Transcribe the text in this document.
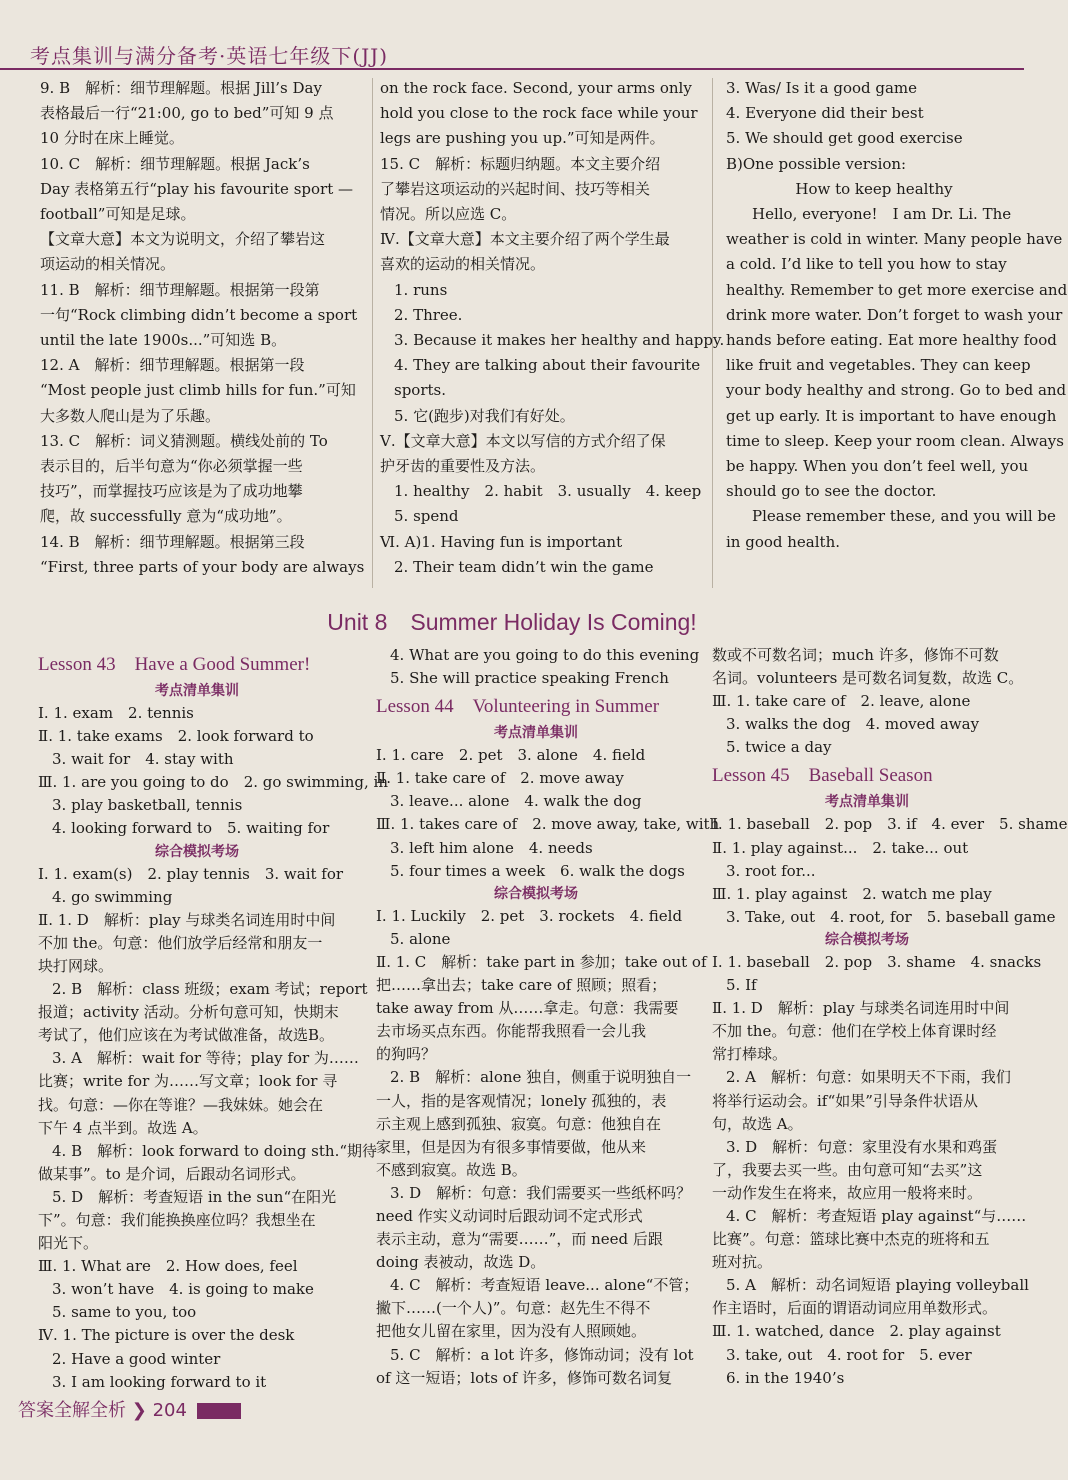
考点集训与满分备考·英语七年级下(JJ)
9. B　解析：细节理解题。根据 Jill’s Day
表格最后一行“21:00, go to bed”可知 9 点
10 分时在床上睡觉。
10. C　解析：细节理解题。根据 Jack’s
Day 表格第五行“play his favourite sport —
football”可知是足球。
【文章大意】本文为说明文，介绍了攀岩这
项运动的相关情况。
11. B　解析：细节理解题。根据第一段第
一句“Rock climbing didn’t become a sport
until the late 1900s...”可知选 B。
12. A　解析：细节理解题。根据第一段
“Most people just climb hills for fun.”可知
大多数人爬山是为了乐趣。
13. C　解析：词义猜测题。横线处前的 To
表示目的，后半句意为“你必须掌握一些
技巧”，而掌握技巧应该是为了成功地攀
爬，故 successfully 意为“成功地”。
14. B　解析：细节理解题。根据第三段
“First, three parts of your body are always
on the rock face. Second, your arms only
hold you close to the rock face while your
legs are pushing you up.”可知是两件。
15. C　解析：标题归纳题。本文主要介绍
了攀岩这项运动的兴起时间、技巧等相关
情况。所以应选 C。
Ⅳ.【文章大意】本文主要介绍了两个学生最
喜欢的运动的相关情况。
1. runs
2. Three.
3. Because it makes her healthy and happy.
4. They are talking about their favourite
sports.
5. 它(跑步)对我们有好处。
Ⅴ.【文章大意】本文以写信的方式介绍了保
护牙齿的重要性及方法。
1. healthy　2. habit　3. usually　4. keep
5. spend
Ⅵ. A)1. Having fun is important
2. Their team didn’t win the game
3. Was/ Is it a good game
4. Everyone did their best
5. We should get good exercise
B)One possible version:
How to keep healthy
Hello, everyone!　I am Dr. Li. The
weather is cold in winter. Many people have
a cold. I’d like to tell you how to stay
healthy. Remember to get more exercise and
drink more water. Don’t forget to wash your
hands before eating. Eat more healthy food
like fruit and vegetables. They can keep
your body healthy and strong. Go to bed and
get up early. It is important to have enough
time to sleep. Keep your room clean. Always
be happy. When you don’t feel well, you
should go to see the doctor.
Please remember these, and you will be
in good health.
Unit 8　Summer Holiday Is Coming!
Lesson 43　Have a Good Summer!
考点清单集训
Ⅰ. 1. exam　2. tennis
Ⅱ. 1. take exams　2. look forward to
3. wait for　4. stay with
Ⅲ. 1. are you going to do　2. go swimming, in
3. play basketball, tennis
4. looking forward to　5. waiting for
综合模拟考场
Ⅰ. 1. exam(s)　2. play tennis　3. wait for
4. go swimming
Ⅱ. 1. D　解析：play 与球类名词连用时中间
不加 the。句意：他们放学后经常和朋友一
块打网球。
2. B　解析：class 班级；exam 考试；report
报道；activity 活动。分析句意可知，快期末
考试了，他们应该在为考试做准备，故选B。
3. A　解析：wait for 等待；play for 为……
比赛；write for 为……写文章；look for 寻
找。句意：—你在等谁？—我妹妹。她会在
下午 4 点半到。故选 A。
4. B　解析：look forward to doing sth.“期待
做某事”。to 是介词，后跟动名词形式。
5. D　解析：考查短语 in the sun“在阳光
下”。句意：我们能换换座位吗？我想坐在
阳光下。
Ⅲ. 1. What are　2. How does, feel
3. won’t have　4. is going to make
5. same to you, too
Ⅳ. 1. The picture is over the desk
2. Have a good winter
3. I am looking forward to it
4. What are you going to do this evening
5. She will practice speaking French
Lesson 44　Volunteering in Summer
考点清单集训
Ⅰ. 1. care　2. pet　3. alone　4. field
Ⅱ. 1. take care of　2. move away
3. leave... alone　4. walk the dog
Ⅲ. 1. takes care of　2. move away, take, with
3. left him alone　4. needs
5. four times a week　6. walk the dogs
综合模拟考场
Ⅰ. 1. Luckily　2. pet　3. rockets　4. field
5. alone
Ⅱ. 1. C　解析：take part in 参加；take out of
把……拿出去；take care of 照顾；照看；
take away from 从……拿走。句意：我需要
去市场买点东西。你能帮我照看一会儿我
的狗吗？
2. B　解析：alone 独自，侧重于说明独自一
一人，指的是客观情况；lonely 孤独的，表
示主观上感到孤独、寂寞。句意：他独自在
家里，但是因为有很多事情要做，他从来
不感到寂寞。故选 B。
3. D　解析：句意：我们需要买一些纸杯吗？
need 作实义动词时后跟动词不定式形式
表示主动，意为“需要……”，而 need 后跟
doing 表被动，故选 D。
4. C　解析：考查短语 leave... alone“不管；
撇下……(一个人)”。句意：赵先生不得不
把他女儿留在家里，因为没有人照顾她。
5. C　解析：a lot 许多，修饰动词；没有 lot
of 这一短语；lots of 许多，修饰可数名词复
数或不可数名词；much 许多，修饰不可数
名词。volunteers 是可数名词复数，故选 C。
Ⅲ. 1. take care of　2. leave, alone
3. walks the dog　4. moved away
5. twice a day
Lesson 45　Baseball Season
考点清单集训
Ⅰ. 1. baseball　2. pop　3. if　4. ever　5. shame
Ⅱ. 1. play against...　2. take... out
3. root for...
Ⅲ. 1. play against　2. watch me play
3. Take, out　4. root, for　5. baseball game
综合模拟考场
Ⅰ. 1. baseball　2. pop　3. shame　4. snacks
5. If
Ⅱ. 1. D　解析：play 与球类名词连用时中间
不加 the。句意：他们在学校上体育课时经
常打棒球。
2. A　解析：句意：如果明天不下雨，我们
将举行运动会。if“如果”引导条件状语从
句，故选 A。
3. D　解析：句意：家里没有水果和鸡蛋
了，我要去买一些。由句意可知“去买”这
一动作发生在将来，故应用一般将来时。
4. C　解析：考查短语 play against“与……
比赛”。句意：篮球比赛中杰克的班将和五
班对抗。
5. A　解析：动名词短语 playing volleyball
作主语时，后面的谓语动词应用单数形式。
Ⅲ. 1. watched, dance　2. play against
3. take, out　4. root for　5. ever
6. in the 1940’s
答案全解全析 ❯ 204
